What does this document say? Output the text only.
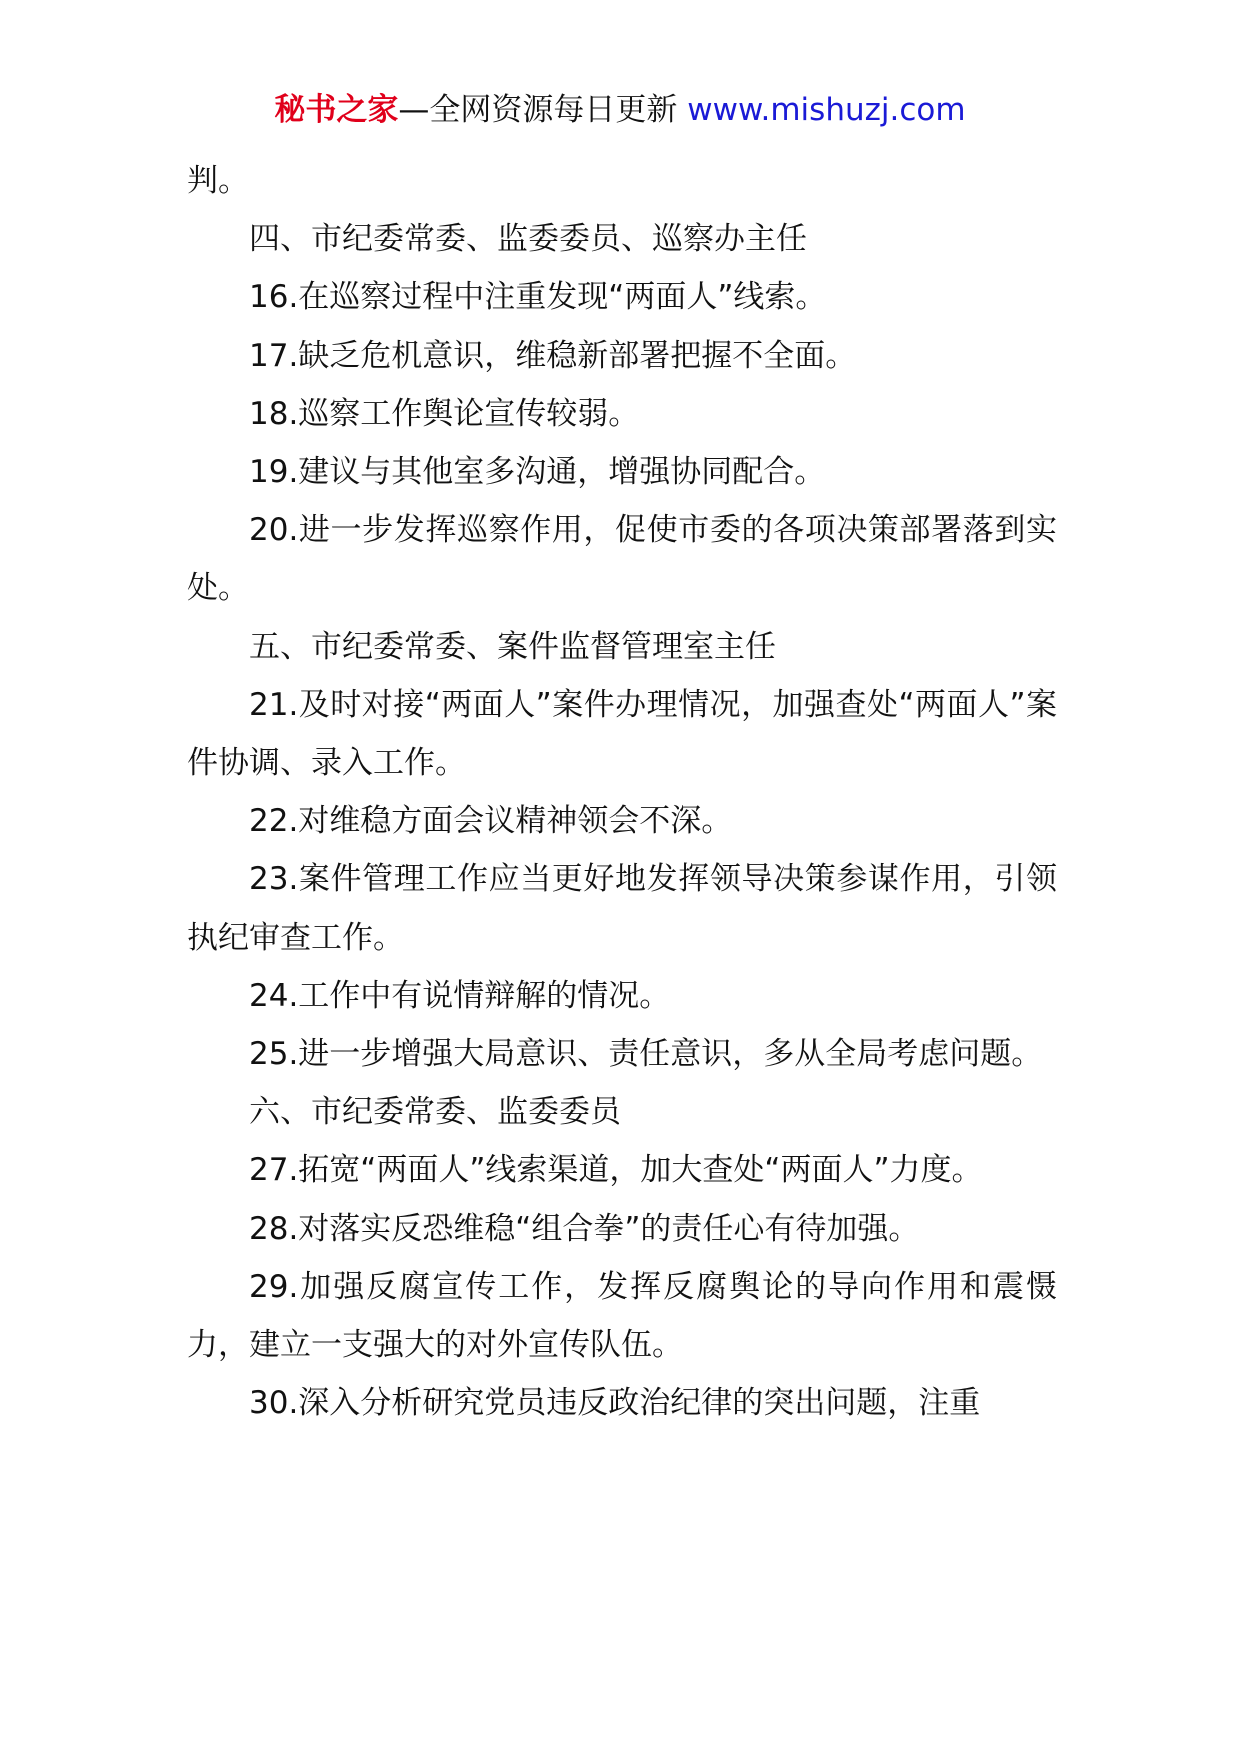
秘书之家—全网资源每日更新 www.mishuzj.com

判。

四、市纪委常委、监委委员、巡察办主任

16.在巡察过程中注重发现“两面人”线索。

17.缺乏危机意识，维稳新部署把握不全面。

18.巡察工作舆论宣传较弱。

19.建议与其他室多沟通，增强协同配合。

20.进一步发挥巡察作用，促使市委的各项决策部署落到实处。

五、市纪委常委、案件监督管理室主任

21.及时对接“两面人”案件办理情况，加强查处“两面人”案件协调、录入工作。

22.对维稳方面会议精神领会不深。

23.案件管理工作应当更好地发挥领导决策参谋作用，引领执纪审查工作。

24.工作中有说情辩解的情况。

25.进一步增强大局意识、责任意识，多从全局考虑问题。

六、市纪委常委、监委委员

27.拓宽“两面人”线索渠道，加大查处“两面人”力度。

28.对落实反恐维稳“组合拳”的责任心有待加强。

29.加强反腐宣传工作，发挥反腐舆论的导向作用和震慑力，建立一支强大的对外宣传队伍。

30.深入分析研究党员违反政治纪律的突出问题，注重
